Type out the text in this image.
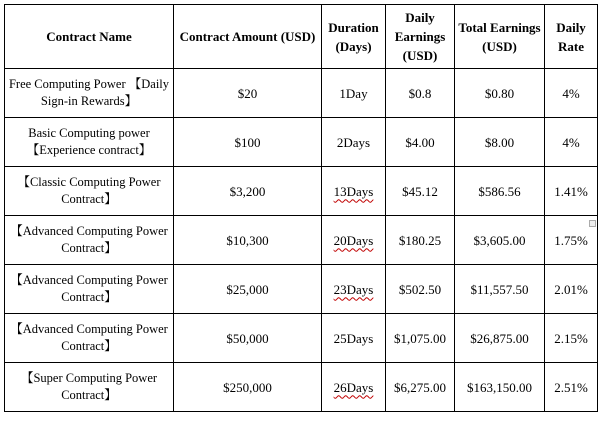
Contract Name	Contract Amount (USD)	Duration (Days)	Daily Earnings (USD)	Total Earnings (USD)	Daily Rate
Free Computing Power 【Daily Sign-in Rewards】	$20	1Day	$0.8	$0.80	4%
Basic Computing power 【Experience contract】	$100	2Days	$4.00	$8.00	4%
【Classic Computing Power Contract】	$3,200	13Days	$45.12	$586.56	1.41%
【Advanced Computing Power Contract】	$10,300	20Days	$180.25	$3,605.00	1.75%
【Advanced Computing Power Contract】	$25,000	23Days	$502.50	$11,557.50	2.01%
【Advanced Computing Power Contract】	$50,000	25Days	$1,075.00	$26,875.00	2.15%
【Super Computing Power Contract】	$250,000	26Days	$6,275.00	$163,150.00	2.51%
